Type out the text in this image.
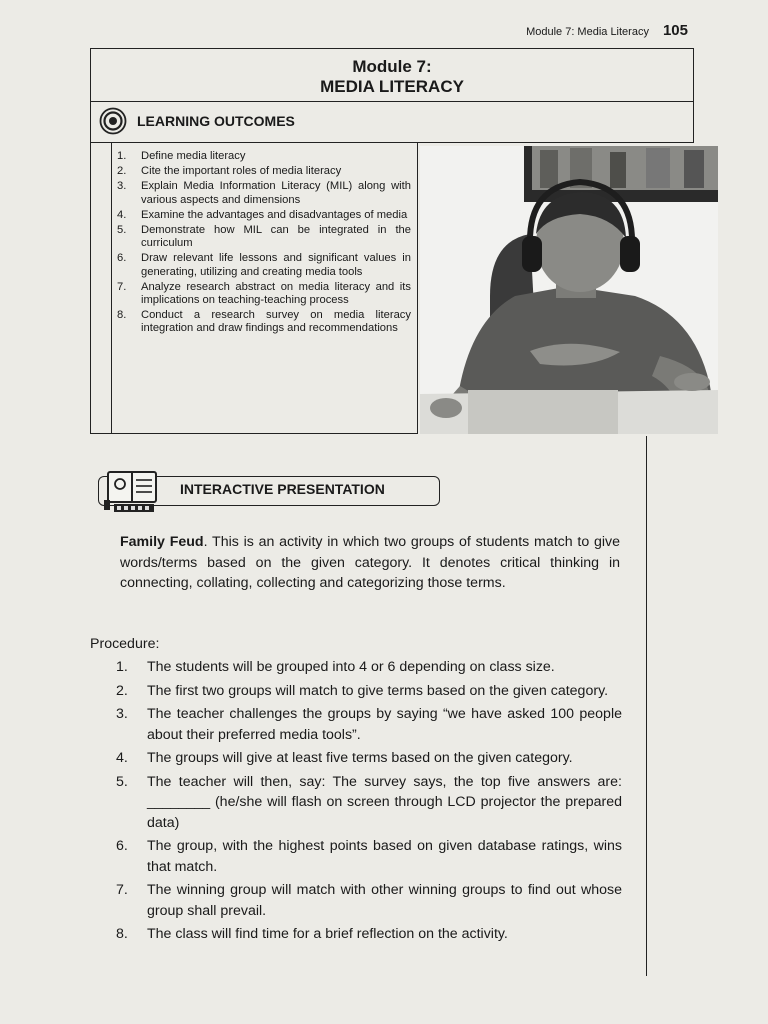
Module 7: Media Literacy 105
Module 7:
MEDIA LITERACY
LEARNING OUTCOMES
1.	Define media literacy
2.	Cite the important roles of media literacy
3.	Explain Media Information Literacy (MIL) along with various aspects and dimensions
4.	Examine the advantages and disadvantages of media
5.	Demonstrate how MIL can be integrated in the curriculum
6.	Draw relevant life lessons and significant values in generating, utilizing and creating media tools
7.	Analyze research abstract on media literacy and its implications on teaching-teaching process
8.	Conduct a research survey on media literacy integration and draw findings and recommendations
INTERACTIVE PRESENTATION

Family Feud. This is an activity in which two groups of students match to give words/terms based on the given category. It denotes critical thinking in connecting, collating, collecting and categorizing those terms.

Procedure:
1.	The students will be grouped into 4 or 6 depending on class size.
2.	The first two groups will match to give terms based on the given category.
3.	The teacher challenges the groups by saying “we have asked 100 people about their preferred media tools”.
4.	The groups will give at least five terms based on the given category.
5.	The teacher will then, say: The survey says, the top five answers are: ________ (he/she will flash on screen through LCD projector the prepared data)
6.	The group, with the highest points based on given database ratings, wins that match.
7.	The winning group will match with other winning groups to find out whose group shall prevail.
8.	The class will find time for a brief reflection on the activity.
